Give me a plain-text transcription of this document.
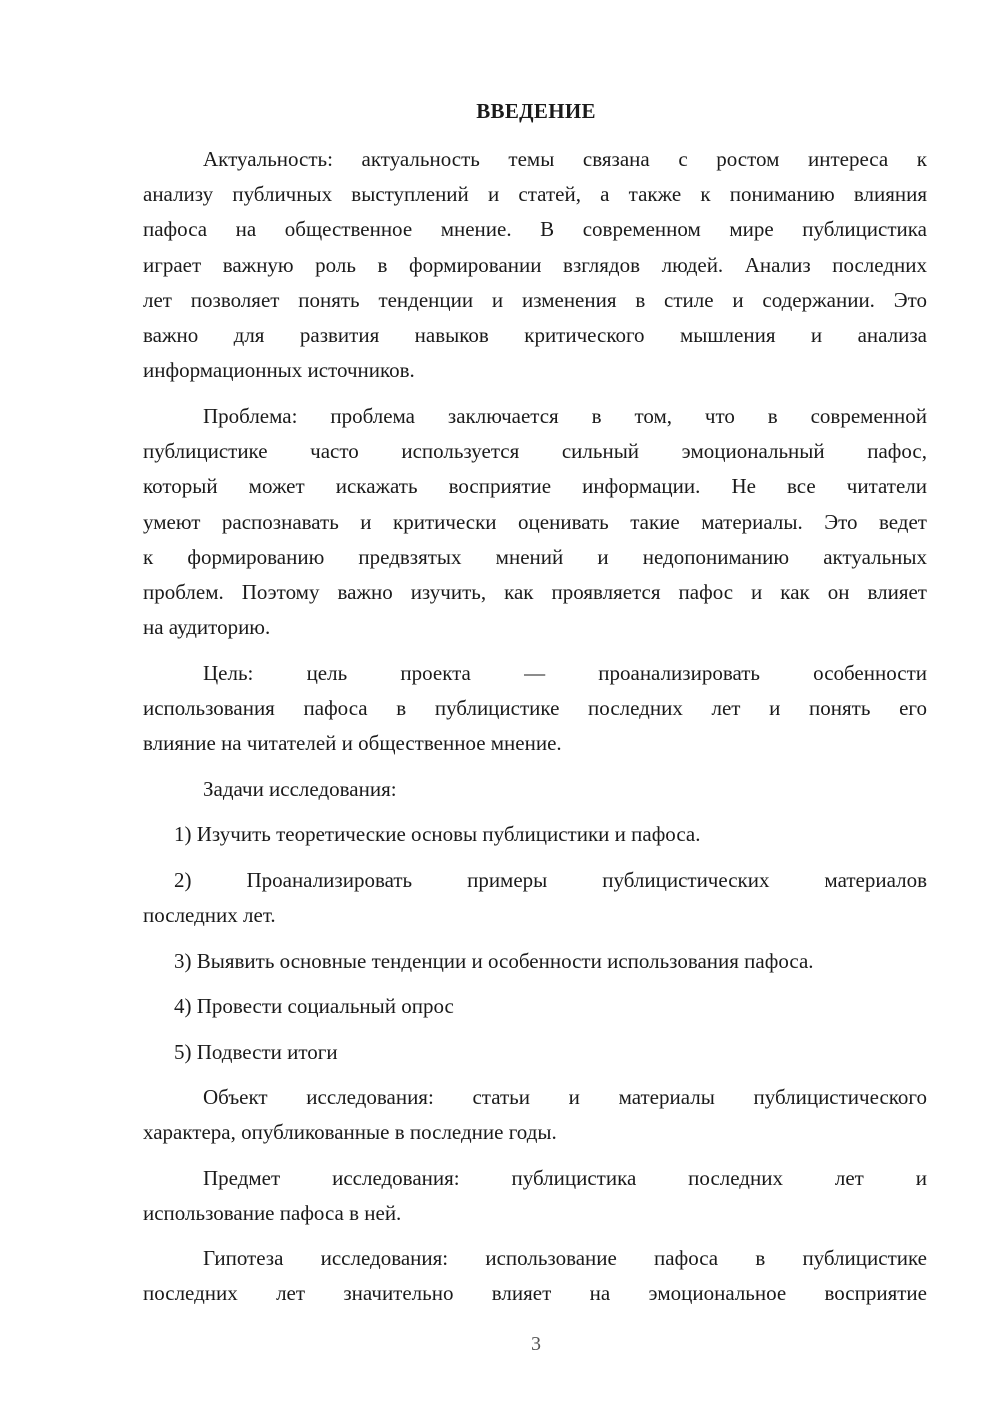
ВВЕДЕНИЕ
Актуальность: актуальность темы связана с ростом интереса к
анализу публичных выступлений и статей, а также к пониманию влияния
пафоса на общественное мнение. В современном мире публицистика
играет важную роль в формировании взглядов людей. Анализ последних
лет позволяет понять тенденции и изменения в стиле и содержании. Это
важно для развития навыков критического мышления и анализа
информационных источников.
Проблема: проблема заключается в том, что в современной
публицистике часто используется сильный эмоциональный пафос,
который может искажать восприятие информации. Не все читатели
умеют распознавать и критически оценивать такие материалы. Это ведет
к формированию предвзятых мнений и недопониманию актуальных
проблем. Поэтому важно изучить, как проявляется пафос и как он влияет
на аудиторию.
Цель: цель проекта — проанализировать особенности
использования пафоса в публицистике последних лет и понять его
влияние на читателей и общественное мнение.
Задачи исследования:
1) Изучить теоретические основы публицистики и пафоса.
2) Проанализировать примеры публицистических материалов
последних лет.
3) Выявить основные тенденции и особенности использования пафоса.
4) Провести социальный опрос
5) Подвести итоги
Объект исследования: статьи и материалы публицистического
характера, опубликованные в последние годы.
Предмет исследования: публицистика последних лет и
использование пафоса в ней.
Гипотеза исследования: использование пафоса в публицистике
последних лет значительно влияет на эмоциональное восприятие
3
